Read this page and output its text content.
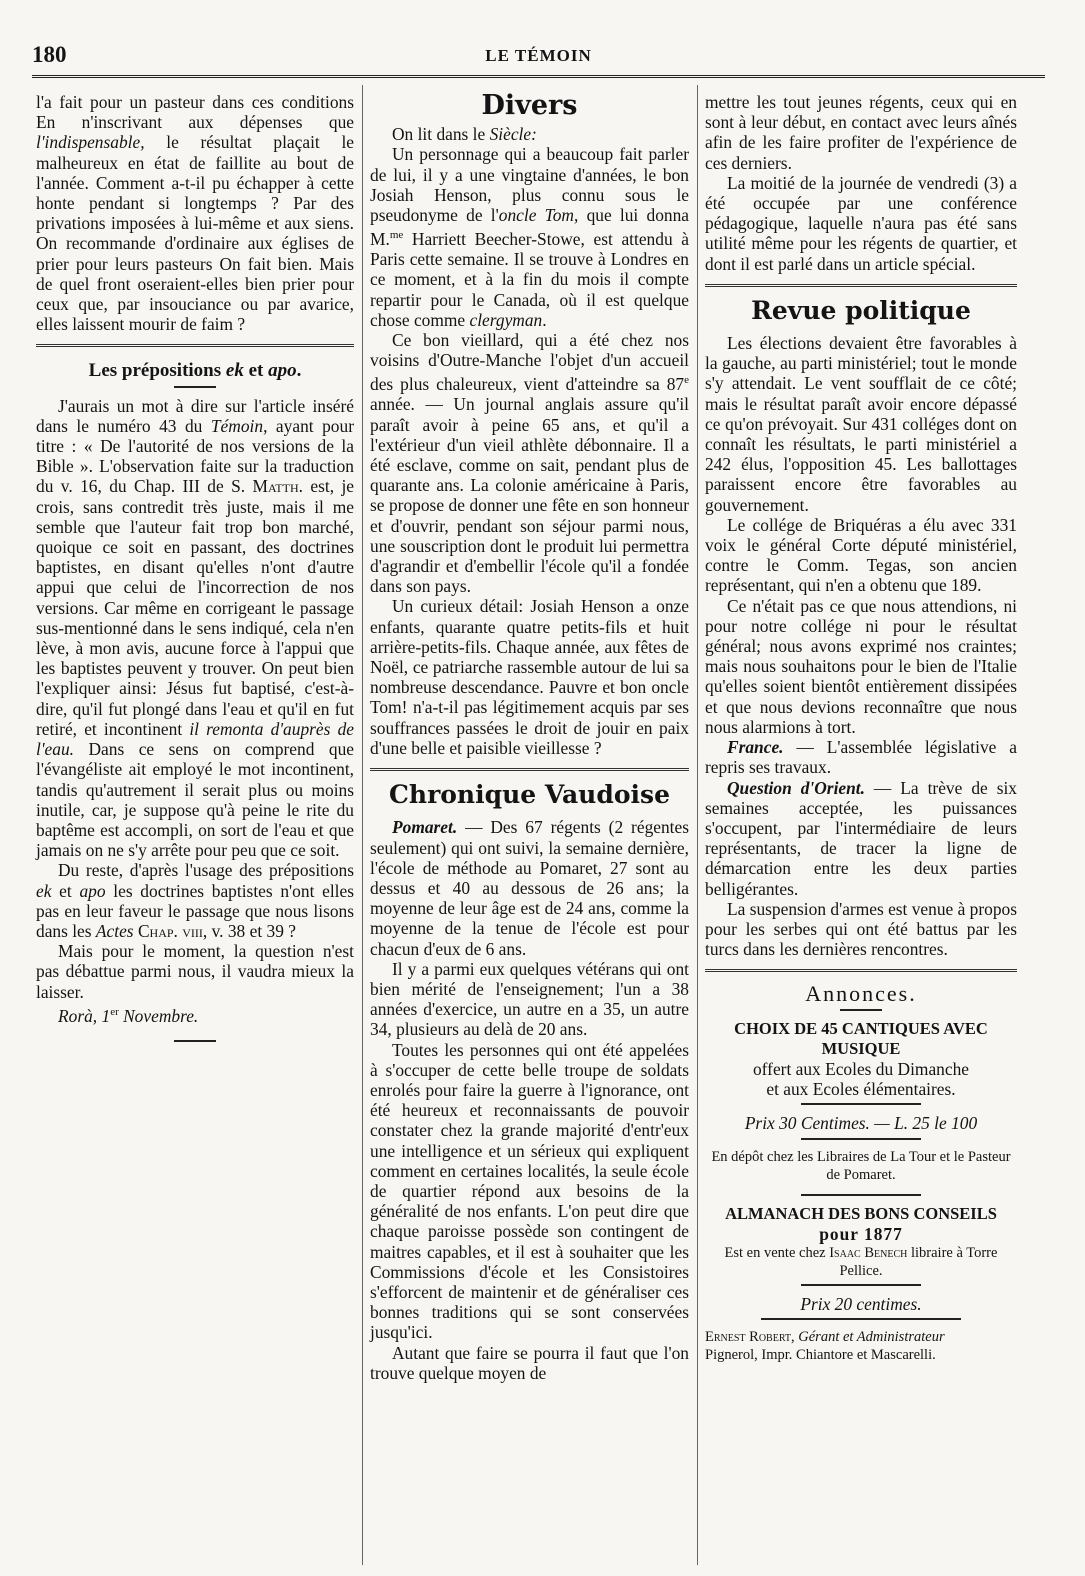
180	LE TÉMOIN

l'a fait pour un pasteur dans ces conditions En n'inscrivant aux dépenses que l'indispensable, le résultat plaçait le malheureux en état de faillite au bout de l'année. Comment a-t-il pu échapper à cette honte pendant si longtemps ? Par des privations imposées à lui-même et aux siens. On recommande d'ordinaire aux églises de prier pour leurs pasteurs On fait bien. Mais de quel front oseraient-elles bien prier pour ceux que, par insouciance ou par avarice, elles laissent mourir de faim ?

Les prépositions ek et apo.

J'aurais un mot à dire sur l'article inséré dans le numéro 43 du Témoin, ayant pour titre : « De l'autorité de nos versions de la Bible ». L'observation faite sur la traduction du v. 16, du Chap. III de S. Matth. est, je crois, sans contredit très juste, mais il me semble que l'auteur fait trop bon marché, quoique ce soit en passant, des doctrines baptistes, en disant qu'elles n'ont d'autre appui que celui de l'incorrection de nos versions. Car même en corrigeant le passage sus-mentionné dans le sens indiqué, cela n'en lève, à mon avis, aucune force à l'appui que les baptistes peuvent y trouver. On peut bien l'expliquer ainsi: Jésus fut baptisé, c'est-à-dire, qu'il fut plongé dans l'eau et qu'il en fut retiré, et incontinent il remonta d'auprès de l'eau. Dans ce sens on comprend que l'évangéliste ait employé le mot incontinent, tandis qu'autrement il serait plus ou moins inutile, car, je suppose qu'à peine le rite du baptême est accompli, on sort de l'eau et que jamais on ne s'y arrête pour peu que ce soit.

Du reste, d'après l'usage des prépositions ek et apo les doctrines baptistes n'ont elles pas en leur faveur le passage que nous lisons dans les Actes Chap. viii, v. 38 et 39 ?

Mais pour le moment, la question n'est pas débattue parmi nous, il vaudra mieux la laisser.

Rorà, 1er Novembre.

Divers

On lit dans le Siècle:

Un personnage qui a beaucoup fait parler de lui, il y a une vingtaine d'années, le bon Josiah Henson, plus connu sous le pseudonyme de l'oncle Tom, que lui donna M.$^{me}$ Harriett Beecher-Stowe, est attendu à Paris cette semaine. Il se trouve à Londres en ce moment, et à la fin du mois il compte repartir pour le Canada, où il est quelque chose comme clergyman.

Ce bon vieillard, qui a été chez nos voisins d'Outre-Manche l'objet d'un accueil des plus chaleureux, vient d'atteindre sa 87e année. — Un journal anglais assure qu'il paraît avoir à peine 65 ans, et qu'il a l'extérieur d'un vieil athlète débonnaire. Il a été esclave, comme on sait, pendant plus de quarante ans. La colonie américaine à Paris, se propose de donner une fête en son honneur et d'ouvrir, pendant son séjour parmi nous, une souscription dont le produit lui permettra d'agrandir et d'embellir l'école qu'il a fondée dans son pays.

Un curieux détail: Josiah Henson a onze enfants, quarante quatre petits-fils et huit arrière-petits-fils. Chaque année, aux fêtes de Noël, ce patriarche rassemble autour de lui sa nombreuse descendance. Pauvre et bon oncle Tom! n'a-t-il pas légitimement acquis par ses souffrances passées le droit de jouir en paix d'une belle et paisible vieillesse ?

Chronique Vaudoise

Pomaret. — Des 67 régents (2 régentes seulement) qui ont suivi, la semaine dernière, l'école de méthode au Pomaret, 27 sont au dessus et 40 au dessous de 26 ans; la moyenne de leur âge est de 24 ans, comme la moyenne de la tenue de l'école est pour chacun d'eux de 6 ans.

Il y a parmi eux quelques vétérans qui ont bien mérité de l'enseignement; l'un a 38 années d'exercice, un autre en a 35, un autre 34, plusieurs au delà de 20 ans.

Toutes les personnes qui ont été appelées à s'occuper de cette belle troupe de soldats enrolés pour faire la guerre à l'ignorance, ont été heureux et reconnaissants de pouvoir constater chez la grande majorité d'entr'eux une intelligence et un sérieux qui expliquent comment en certaines localités, la seule école de quartier répond aux besoins de la généralité de nos enfants. L'on peut dire que chaque paroisse possède son contingent de maitres capables, et il est à souhaiter que les Commissions d'école et les Consistoires s'efforcent de maintenir et de généraliser ces bonnes traditions qui se sont conservées jusqu'ici.

Autant que faire se pourra il faut que l'on trouve quelque moyen de

mettre les tout jeunes régents, ceux qui en sont à leur début, en contact avec leurs aînés afin de les faire profiter de l'expérience de ces derniers.

La moitié de la journée de vendredi (3) a été occupée par une conférence pédagogique, laquelle n'aura pas été sans utilité même pour les régents de quartier, et dont il est parlé dans un article spécial.

Revue politique

Les élections devaient être favorables à la gauche, au parti ministériel; tout le monde s'y attendait. Le vent soufflait de ce côté; mais le résultat paraît avoir encore dépassé ce qu'on prévoyait. Sur 431 colléges dont on connaît les résultats, le parti ministériel a 242 élus, l'opposition 45. Les ballottages paraissent encore être favorables au gouvernement.

Le collége de Briquéras a élu avec 331 voix le général Corte député ministériel, contre le Comm. Tegas, son ancien représentant, qui n'en a obtenu que 189.

Ce n'était pas ce que nous attendions, ni pour notre collége ni pour le résultat général; nous avons exprimé nos craintes; mais nous souhaitons pour le bien de l'Italie qu'elles soient bientôt entièrement dissipées et que nous devions reconnaître que nous nous alarmions à tort.

France. — L'assemblée législative a repris ses travaux.

Question d'Orient. — La trève de six semaines acceptée, les puissances s'occupent, par l'intermédiaire de leurs représentants, de tracer la ligne de démarcation entre les deux parties belligérantes.

La suspension d'armes est venue à propos pour les serbes qui ont été battus par les turcs dans les dernières rencontres.

Annonces.
CHOIX DE 45 CANTIQUES AVEC MUSIQUE
offert aux Ecoles du Dimanche
et aux Ecoles élémentaires.
Prix 30 Centimes. — L. 25 le 100
En dépôt chez les Libraires de La Tour et le Pasteur de Pomaret.
ALMANACH DES BONS CONSEILS
pour 1877
Est en vente chez Isaac Benech libraire à Torre Pellice.
Prix 20 centimes.
Ernest Robert, Gérant et Administrateur
Pignerol, Impr. Chiantore et Mascarelli.
